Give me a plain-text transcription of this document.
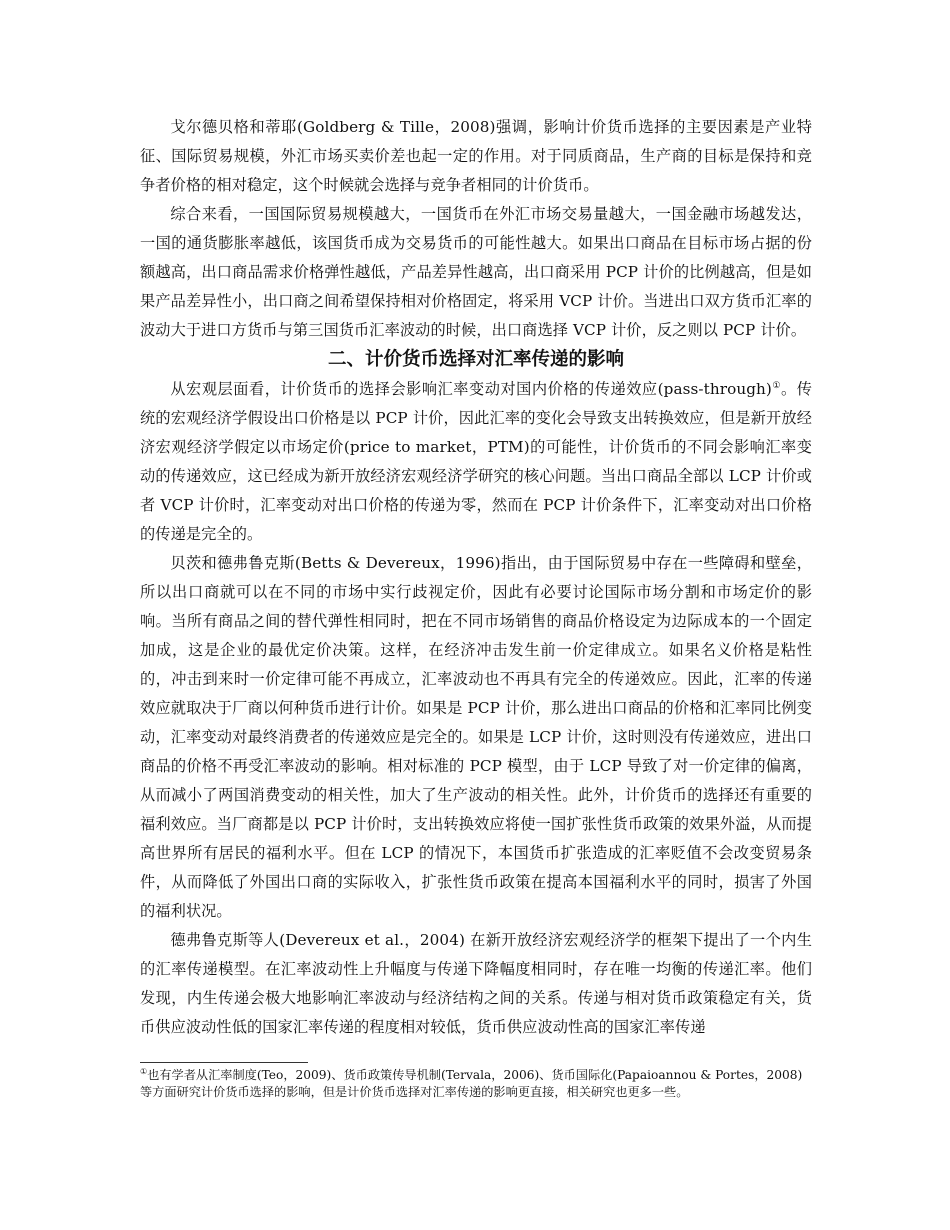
戈尔德贝格和蒂耶(Goldberg & Tille，2008)强调，影响计价货币选择的主要因素是产业特征、国际贸易规模，外汇市场买卖价差也起一定的作用。对于同质商品，生产商的目标是保持和竞争者价格的相对稳定，这个时候就会选择与竞争者相同的计价货币。

综合来看，一国国际贸易规模越大，一国货币在外汇市场交易量越大，一国金融市场越发达，一国的通货膨胀率越低，该国货币成为交易货币的可能性越大。如果出口商品在目标市场占据的份额越高，出口商品需求价格弹性越低，产品差异性越高，出口商采用 PCP 计价的比例越高，但是如果产品差异性小，出口商之间希望保持相对价格固定，将采用 VCP 计价。当进出口双方货币汇率的波动大于进口方货币与第三国货币汇率波动的时候，出口商选择 VCP 计价，反之则以 PCP 计价。

二、计价货币选择对汇率传递的影响

从宏观层面看，计价货币的选择会影响汇率变动对国内价格的传递效应(pass-through)①。传统的宏观经济学假设出口价格是以 PCP 计价，因此汇率的变化会导致支出转换效应，但是新开放经济宏观经济学假定以市场定价(price to market，PTM)的可能性，计价货币的不同会影响汇率变动的传递效应，这已经成为新开放经济宏观经济学研究的核心问题。当出口商品全部以 LCP 计价或者 VCP 计价时，汇率变动对出口价格的传递为零，然而在 PCP 计价条件下，汇率变动对出口价格的传递是完全的。

贝茨和德弗鲁克斯(Betts & Devereux，1996)指出，由于国际贸易中存在一些障碍和壁垒，所以出口商就可以在不同的市场中实行歧视定价，因此有必要讨论国际市场分割和市场定价的影响。当所有商品之间的替代弹性相同时，把在不同市场销售的商品价格设定为边际成本的一个固定加成，这是企业的最优定价决策。这样，在经济冲击发生前一价定律成立。如果名义价格是粘性的，冲击到来时一价定律可能不再成立，汇率波动也不再具有完全的传递效应。因此，汇率的传递效应就取决于厂商以何种货币进行计价。如果是 PCP 计价，那么进出口商品的价格和汇率同比例变动，汇率变动对最终消费者的传递效应是完全的。如果是 LCP 计价，这时则没有传递效应，进出口商品的价格不再受汇率波动的影响。相对标准的 PCP 模型，由于 LCP 导致了对一价定律的偏离，从而减小了两国消费变动的相关性，加大了生产波动的相关性。此外，计价货币的选择还有重要的福利效应。当厂商都是以 PCP 计价时，支出转换效应将使一国扩张性货币政策的效果外溢，从而提高世界所有居民的福利水平。但在 LCP 的情况下，本国货币扩张造成的汇率贬值不会改变贸易条件，从而降低了外国出口商的实际收入，扩张性货币政策在提高本国福利水平的同时，损害了外国的福利状况。

德弗鲁克斯等人(Devereux et al.，2004) 在新开放经济宏观经济学的框架下提出了一个内生的汇率传递模型。在汇率波动性上升幅度与传递下降幅度相同时，存在唯一均衡的传递汇率。他们发现，内生传递会极大地影响汇率波动与经济结构之间的关系。传递与相对货币政策稳定有关，货币供应波动性低的国家汇率传递的程度相对较低，货币供应波动性高的国家汇率传递

①也有学者从汇率制度(Teo，2009)、货币政策传导机制(Tervala，2006)、货币国际化(Papaioannou & Portes，2008)等方面研究计价货币选择的影响，但是计价货币选择对汇率传递的影响更直接，相关研究也更多一些。
